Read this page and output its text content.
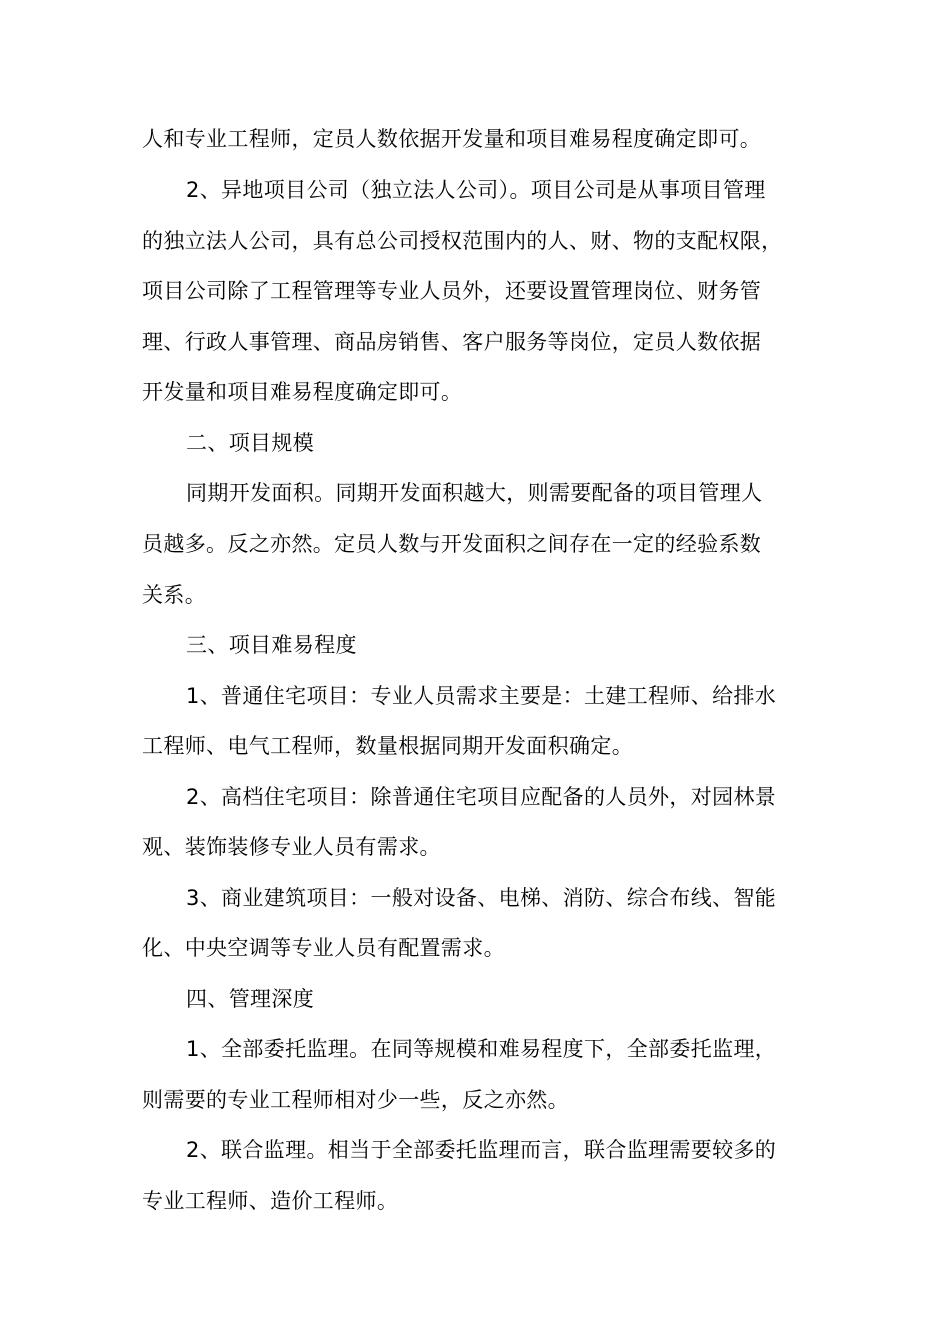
人和专业工程师，定员人数依据开发量和项目难易程度确定即可。
2、异地项目公司（独立法人公司）。项目公司是从事项目管理
的独立法人公司，具有总公司授权范围内的人、财、物的支配权限，
项目公司除了工程管理等专业人员外，还要设置管理岗位、财务管
理、行政人事管理、商品房销售、客户服务等岗位，定员人数依据
开发量和项目难易程度确定即可。
二、项目规模
同期开发面积。同期开发面积越大，则需要配备的项目管理人
员越多。反之亦然。定员人数与开发面积之间存在一定的经验系数
关系。
三、项目难易程度
1、普通住宅项目：专业人员需求主要是：土建工程师、给排水
工程师、电气工程师，数量根据同期开发面积确定。
2、高档住宅项目：除普通住宅项目应配备的人员外，对园林景
观、装饰装修专业人员有需求。
3、商业建筑项目：一般对设备、电梯、消防、综合布线、智能
化、中央空调等专业人员有配置需求。
四、管理深度
1、全部委托监理。在同等规模和难易程度下，全部委托监理，
则需要的专业工程师相对少一些，反之亦然。
2、联合监理。相当于全部委托监理而言，联合监理需要较多的
专业工程师、造价工程师。
